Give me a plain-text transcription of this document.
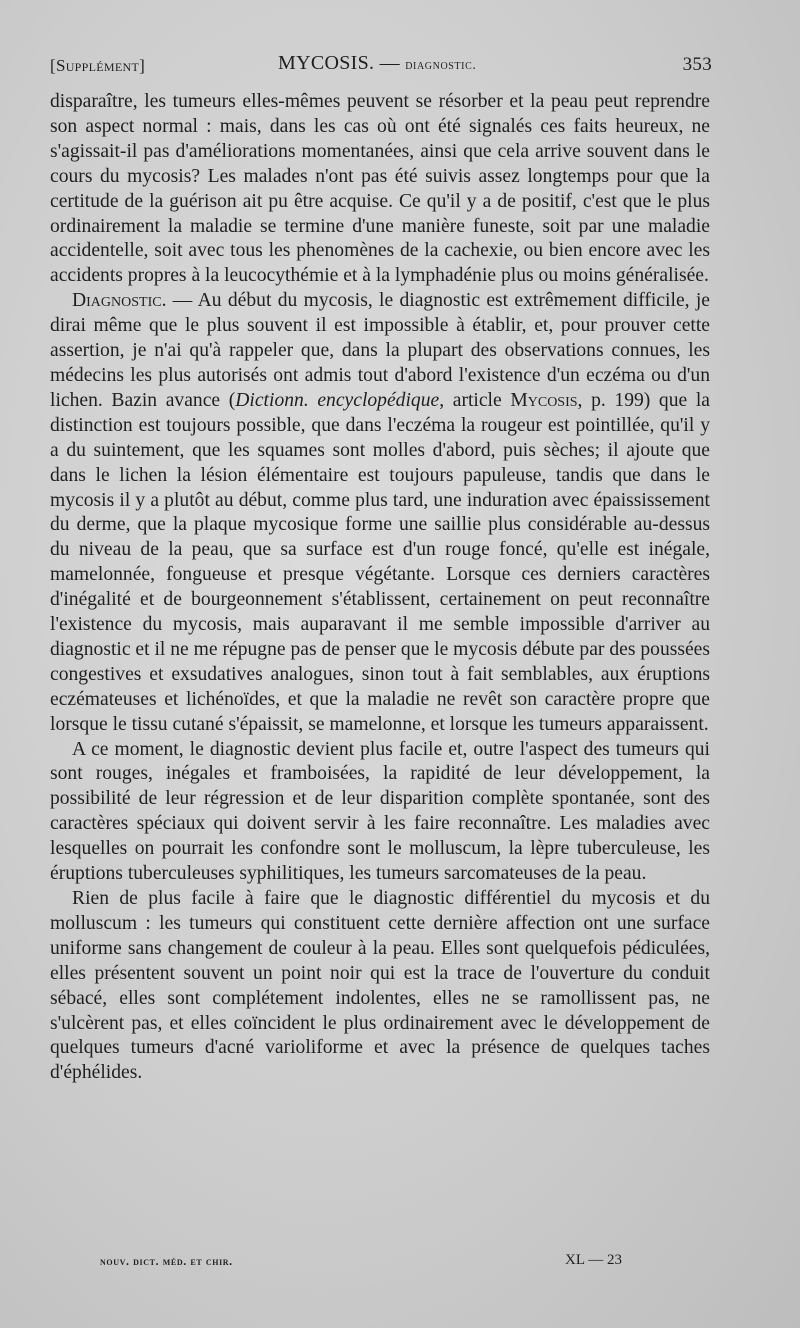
[Supplément]	MYCOSIS. — diagnostic.	353

disparaître, les tumeurs elles-mêmes peuvent se résorber et la peau peut reprendre son aspect normal : mais, dans les cas où ont été signalés ces faits heureux, ne s'agissait-il pas d'améliorations momentanées, ainsi que cela arrive souvent dans le cours du mycosis? Les malades n'ont pas été suivis assez longtemps pour que la certitude de la guérison ait pu être acquise. Ce qu'il y a de positif, c'est que le plus ordinairement la maladie se termine d'une manière funeste, soit par une maladie accidentelle, soit avec tous les phenomènes de la cachexie, ou bien encore avec les accidents propres à la leucocythémie et à la lymphadénie plus ou moins généralisée.

Diagnostic. — Au début du mycosis, le diagnostic est extrêmement difficile, je dirai même que le plus souvent il est impossible à établir, et, pour prouver cette assertion, je n'ai qu'à rappeler que, dans la plupart des observations connues, les médecins les plus autorisés ont admis tout d'abord l'existence d'un eczéma ou d'un lichen. Bazin avance (Dictionn. encyclopédique, article Mycosis, p. 199) que la distinction est toujours possible, que dans l'eczéma la rougeur est pointillée, qu'il y a du suintement, que les squames sont molles d'abord, puis sèches; il ajoute que dans le lichen la lésion élémentaire est toujours papuleuse, tandis que dans le mycosis il y a plutôt au début, comme plus tard, une induration avec épaississement du derme, que la plaque mycosique forme une saillie plus considérable au-dessus du niveau de la peau, que sa surface est d'un rouge foncé, qu'elle est inégale, mamelonnée, fongueuse et presque végétante. Lorsque ces derniers caractères d'inégalité et de bourgeonnement s'établissent, certainement on peut reconnaître l'existence du mycosis, mais auparavant il me semble impossible d'arriver au diagnostic et il ne me répugne pas de penser que le mycosis débute par des poussées congestives et exsudatives analogues, sinon tout à fait semblables, aux éruptions eczémateuses et lichénoïdes, et que la maladie ne revêt son caractère propre que lorsque le tissu cutané s'épaissit, se mamelonne, et lorsque les tumeurs apparaissent.

A ce moment, le diagnostic devient plus facile et, outre l'aspect des tumeurs qui sont rouges, inégales et framboisées, la rapidité de leur développement, la possibilité de leur régression et de leur disparition complète spontanée, sont des caractères spéciaux qui doivent servir à les faire reconnaître. Les maladies avec lesquelles on pourrait les confondre sont le molluscum, la lèpre tuberculeuse, les éruptions tuberculeuses syphilitiques, les tumeurs sarcomateuses de la peau.

Rien de plus facile à faire que le diagnostic différentiel du mycosis et du molluscum : les tumeurs qui constituent cette dernière affection ont une surface uniforme sans changement de couleur à la peau. Elles sont quelquefois pédiculées, elles présentent souvent un point noir qui est la trace de l'ouverture du conduit sébacé, elles sont complétement indolentes, elles ne se ramollissent pas, ne s'ulcèrent pas, et elles coïncident le plus ordinairement avec le développement de quelques tumeurs d'acné varioliforme et avec la présence de quelques taches d'éphélides.

nouv. dict. méd. et chir.	XL — 23
